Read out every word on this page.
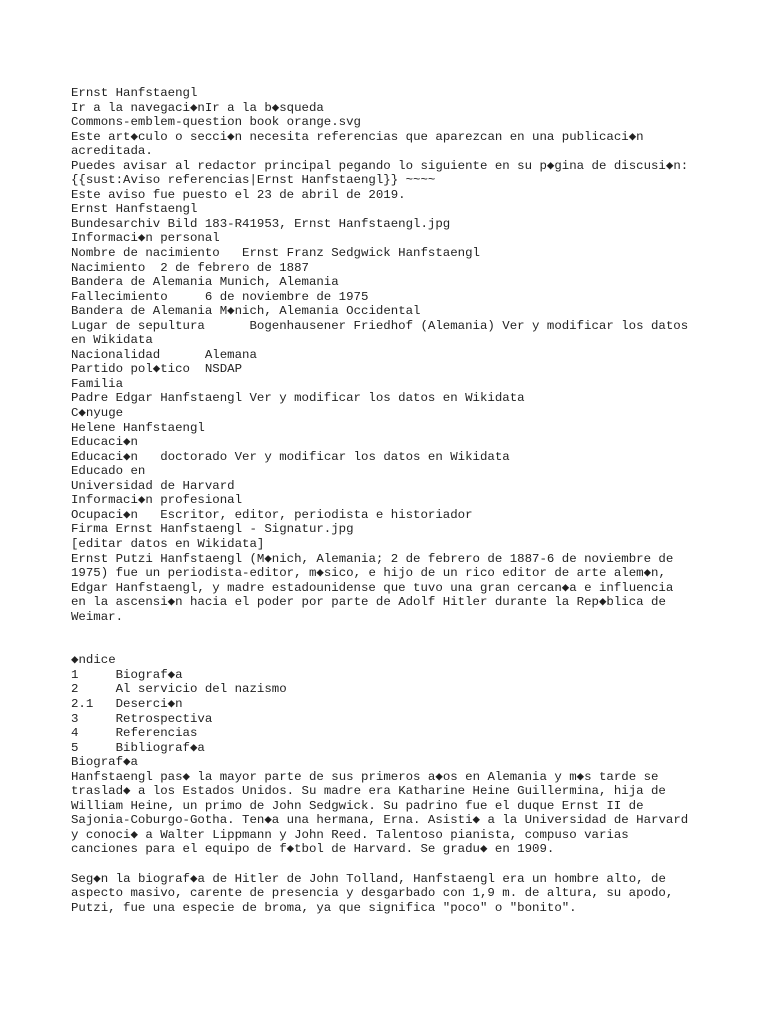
Ernst Hanfstaengl
Ir a la navegaci◆nIr a la b◆squeda
Commons-emblem-question book orange.svg
Este art◆culo o secci◆n necesita referencias que aparezcan en una publicaci◆n
acreditada.
Puedes avisar al redactor principal pegando lo siguiente en su p◆gina de discusi◆n:
{{sust:Aviso referencias|Ernst Hanfstaengl}} ~~~~
Este aviso fue puesto el 23 de abril de 2019.
Ernst Hanfstaengl
Bundesarchiv Bild 183-R41953, Ernst Hanfstaengl.jpg
Informaci◆n personal
Nombre de nacimiento   Ernst Franz Sedgwick Hanfstaengl
Nacimiento  2 de febrero de 1887
Bandera de Alemania Munich, Alemania
Fallecimiento     6 de noviembre de 1975
Bandera de Alemania M◆nich, Alemania Occidental
Lugar de sepultura      Bogenhausener Friedhof (Alemania) Ver y modificar los datos
en Wikidata
Nacionalidad      Alemana
Partido pol◆tico  NSDAP
Familia
Padre Edgar Hanfstaengl Ver y modificar los datos en Wikidata
C◆nyuge
Helene Hanfstaengl
Educaci◆n
Educaci◆n   doctorado Ver y modificar los datos en Wikidata
Educado en
Universidad de Harvard
Informaci◆n profesional
Ocupaci◆n   Escritor, editor, periodista e historiador
Firma Ernst Hanfstaengl - Signatur.jpg
[editar datos en Wikidata]
Ernst Putzi Hanfstaengl (M◆nich, Alemania; 2 de febrero de 1887-6 de noviembre de
1975) fue un periodista-editor, m◆sico, e hijo de un rico editor de arte alem◆n,
Edgar Hanfstaengl, y madre estadounidense que tuvo una gran cercan◆a e influencia
en la ascensi◆n hacia el poder por parte de Adolf Hitler durante la Rep◆blica de
Weimar.
◆ndice
1     Biograf◆a
2     Al servicio del nazismo
2.1   Deserci◆n
3     Retrospectiva
4     Referencias
5     Bibliograf◆a
Biograf◆a
Hanfstaengl pas◆ la mayor parte de sus primeros a◆os en Alemania y m◆s tarde se
traslad◆ a los Estados Unidos. Su madre era Katharine Heine Guillermina, hija de
William Heine, un primo de John Sedgwick. Su padrino fue el duque Ernst II de
Sajonia-Coburgo-Gotha. Ten◆a una hermana, Erna. Asisti◆ a la Universidad de Harvard
y conoci◆ a Walter Lippmann y John Reed. Talentoso pianista, compuso varias
canciones para el equipo de f◆tbol de Harvard. Se gradu◆ en 1909.
Seg◆n la biograf◆a de Hitler de John Tolland, Hanfstaengl era un hombre alto, de
aspecto masivo, carente de presencia y desgarbado con 1,9 m. de altura, su apodo,
Putzi, fue una especie de broma, ya que significa "poco" o "bonito".
